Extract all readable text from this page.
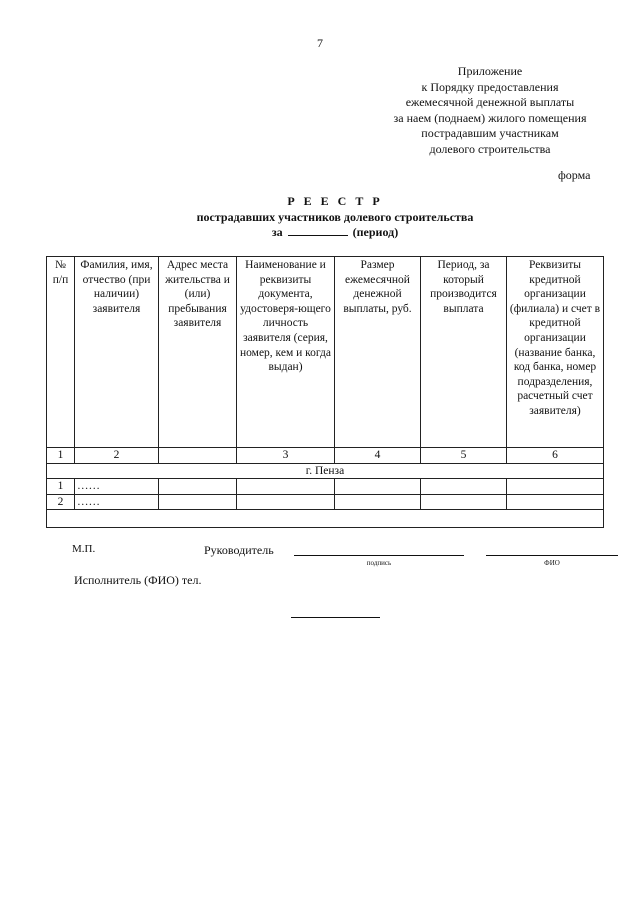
7
Приложение
к Порядку предоставления
ежемесячной денежной выплаты
за наем (поднаем) жилого помещения
пострадавшим участникам
долевого строительства
форма
Р Е Е С Т Р
пострадавших участников долевого строительства
за	(период)
№ п/п	Фамилия, имя, отчество (при наличии) заявителя	Адрес места жительства и (или) пребывания заявителя	Наименование и реквизиты документа, удостоверя-ющего личность заявителя (серия, номер, кем и когда выдан)	Размер ежемесячной денежной выплаты, руб.	Период, за который производится выплата	Реквизиты кредитной организации (филиала) и счет в кредитной организации (название банка, код банка, номер подразделения, расчетный счет заявителя)
1	2		3	4	5	6
г. Пенза						
1	……					
2	……					

М.П.	Руководитель
подпись	ФИО
Исполнитель (ФИО) тел.
